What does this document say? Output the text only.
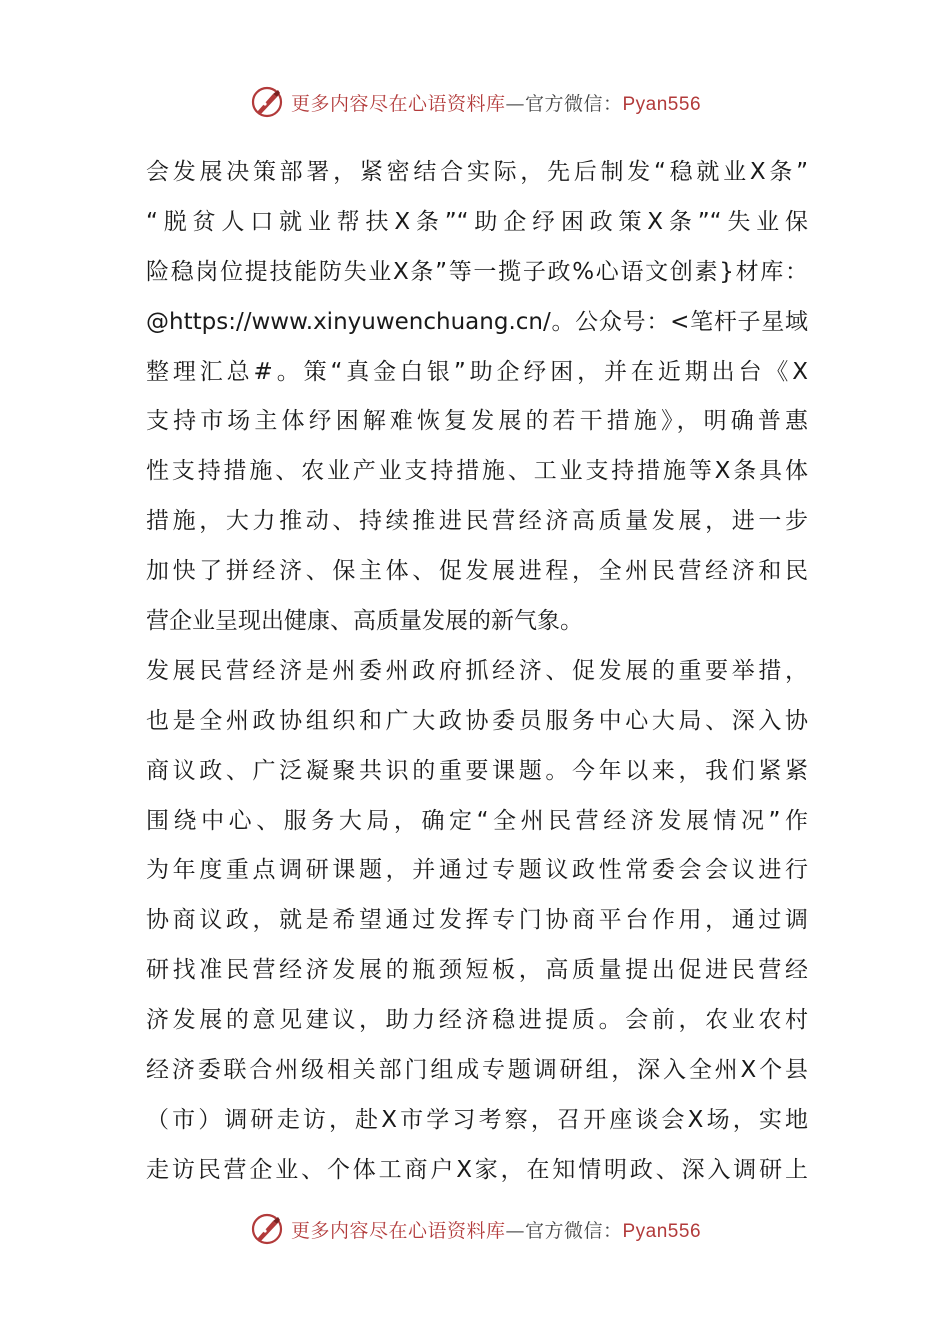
更多内容尽在心语资料库—官方微信：Pyan556
会发展决策部署，紧密结合实际，先后制发“稳就业X条”
“脱贫人口就业帮扶X条”“助企纾困政策X条”“失业保
险稳岗位提技能防失业X条”等一揽子政%心语文创素}材库：
@https://www.xinyuwenchuang.cn/。公众号：<笔杆子星域
整理汇总#。策“真金白银”助企纾困，并在近期出台《X
支持市场主体纾困解难恢复发展的若干措施》，明确普惠
性支持措施、农业产业支持措施、工业支持措施等X条具体
措施，大力推动、持续推进民营经济高质量发展，进一步
加快了拼经济、保主体、促发展进程，全州民营经济和民
营企业呈现出健康、高质量发展的新气象。
发展民营经济是州委州政府抓经济、促发展的重要举措，
也是全州政协组织和广大政协委员服务中心大局、深入协
商议政、广泛凝聚共识的重要课题。今年以来，我们紧紧
围绕中心、服务大局，确定“全州民营经济发展情况”作
为年度重点调研课题，并通过专题议政性常委会会议进行
协商议政，就是希望通过发挥专门协商平台作用，通过调
研找准民营经济发展的瓶颈短板，高质量提出促进民营经
济发展的意见建议，助力经济稳进提质。会前，农业农村
经济委联合州级相关部门组成专题调研组，深入全州X个县
（市）调研走访，赴X市学习考察，召开座谈会X场，实地
走访民营企业、个体工商户X家，在知情明政、深入调研上
更多内容尽在心语资料库—官方微信：Pyan556
